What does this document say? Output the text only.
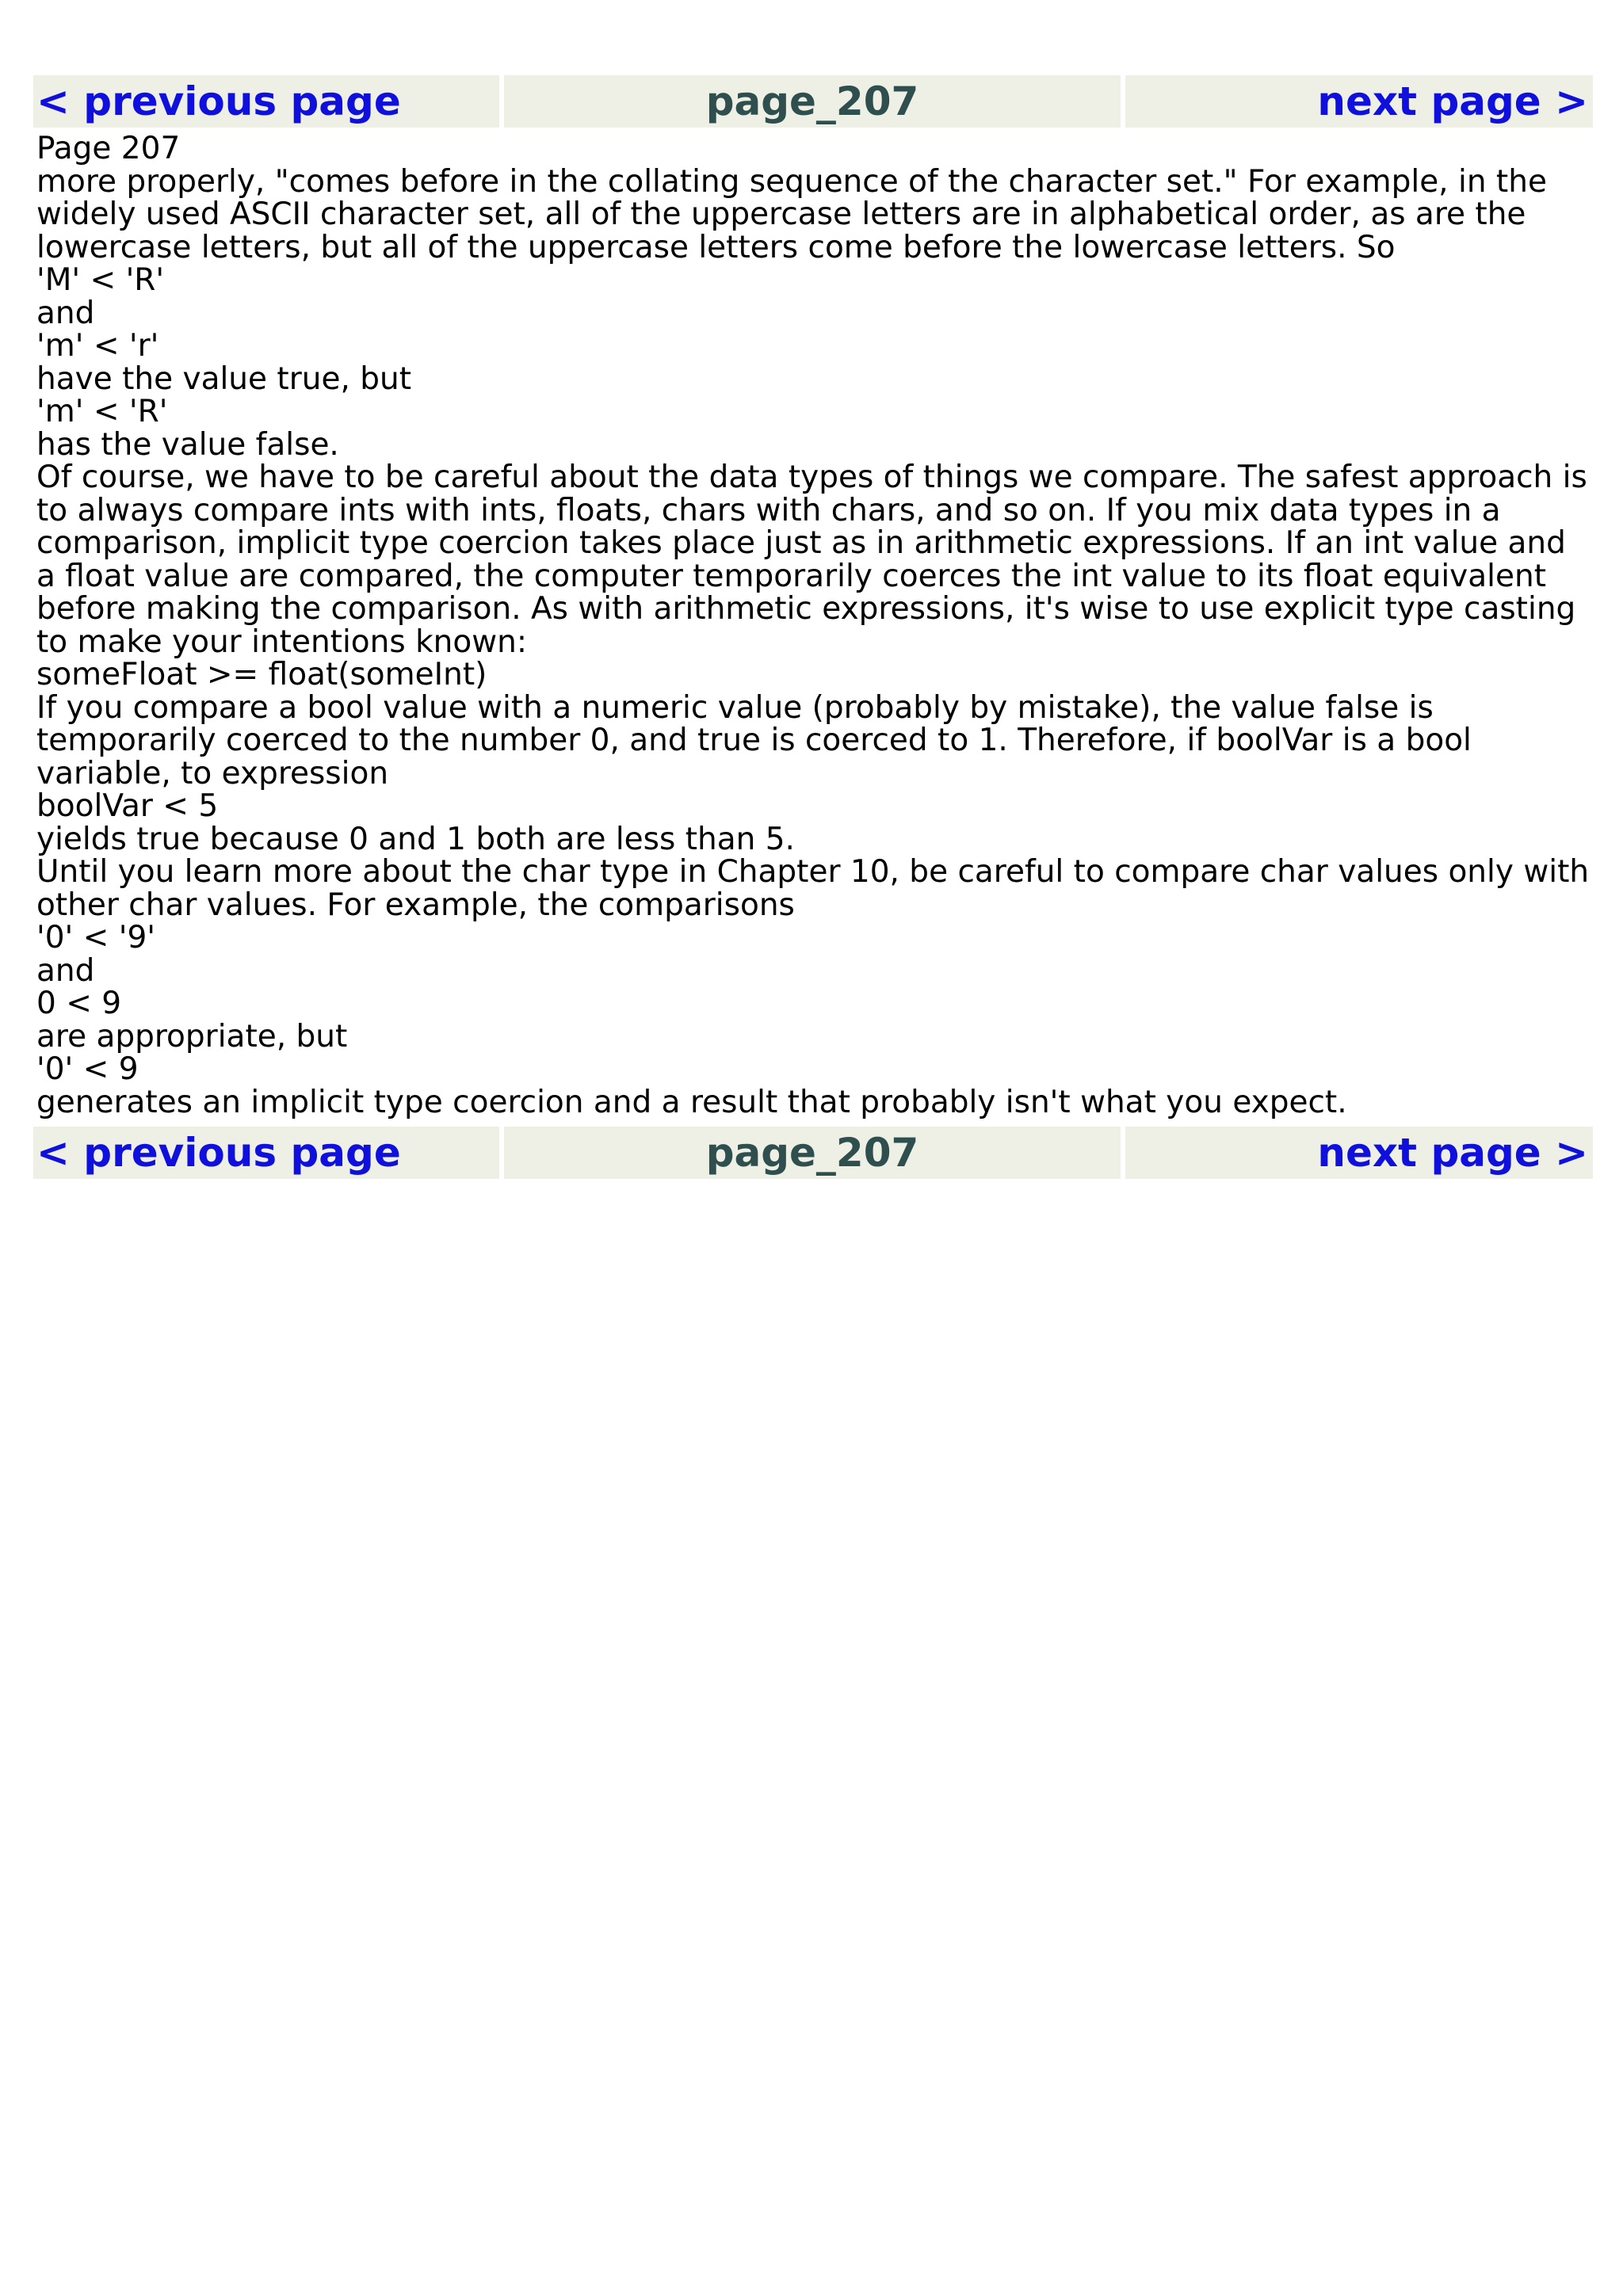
< previous page	page_207	next page >

Page 207

more properly, "comes before in the collating sequence of the character set." For example, in the widely used ASCII character set, all of the uppercase letters are in alphabetical order, as are the lowercase letters, but all of the uppercase letters come before the lowercase letters. So

'M' < 'R'

and

'm' < 'r'

have the value true, but

'm' < 'R'

has the value false.

Of course, we have to be careful about the data types of things we compare. The safest approach is to always compare ints with ints, floats, chars with chars, and so on. If you mix data types in a comparison, implicit type coercion takes place just as in arithmetic expressions. If an int value and a float value are compared, the computer temporarily coerces the int value to its float equivalent before making the comparison. As with arithmetic expressions, it's wise to use explicit type casting to make your intentions known:

someFloat >= float(someInt)

If you compare a bool value with a numeric value (probably by mistake), the value false is temporarily coerced to the number 0, and true is coerced to 1. Therefore, if boolVar is a bool variable, to expression

boolVar < 5

yields true because 0 and 1 both are less than 5.

Until you learn more about the char type in Chapter 10, be careful to compare char values only with other char values. For example, the comparisons

'0' < '9'

and

0 < 9

are appropriate, but

'0' < 9

generates an implicit type coercion and a result that probably isn't what you expect.

< previous page	page_207	next page >
